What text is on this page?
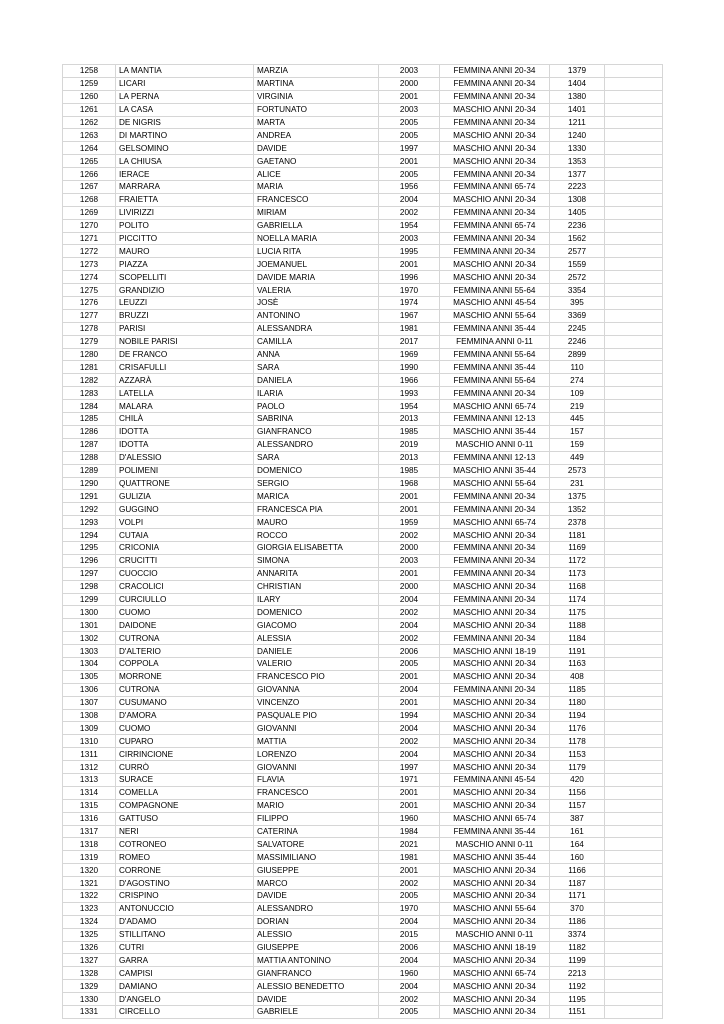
1258	LA MANTIA	MARZIA	2003	FEMMINA ANNI 20-34	1379	
1259	LICARI	MARTINA	2000	FEMMINA ANNI 20-34	1404	
1260	LA PERNA	VIRGINIA	2001	FEMMINA ANNI 20-34	1380	
1261	LA CASA	FORTUNATO	2003	MASCHIO ANNI 20-34	1401	
1262	DE NIGRIS	MARTA	2005	FEMMINA ANNI 20-34	1211	
1263	DI MARTINO	ANDREA	2005	MASCHIO ANNI 20-34	1240	
1264	GELSOMINO	DAVIDE	1997	MASCHIO ANNI 20-34	1330	
1265	LA CHIUSA	GAETANO	2001	MASCHIO ANNI 20-34	1353	
1266	IERACE	ALICE	2005	FEMMINA ANNI 20-34	1377	
1267	MARRARA	MARIA	1956	FEMMINA ANNI 65-74	2223	
1268	FRAIETTA	FRANCESCO	2004	MASCHIO ANNI 20-34	1308	
1269	LIVIRIZZI	MIRIAM	2002	FEMMINA ANNI 20-34	1405	
1270	POLITO	GABRIELLA	1954	FEMMINA ANNI 65-74	2236	
1271	PICCITTO	NOELLA MARIA	2003	FEMMINA ANNI 20-34	1562	
1272	MAURO	LUCIA RITA	1995	FEMMINA ANNI 20-34	2577	
1273	PIAZZA	JOEMANUEL	2001	MASCHIO ANNI 20-34	1559	
1274	SCOPELLITI	DAVIDE MARIA	1996	MASCHIO ANNI 20-34	2572	
1275	GRANDIZIO	VALERIA	1970	FEMMINA ANNI 55-64	3354	
1276	LEUZZI	JOSÈ	1974	MASCHIO ANNI 45-54	395	
1277	BRUZZI	ANTONINO	1967	MASCHIO ANNI 55-64	3369	
1278	PARISI	ALESSANDRA	1981	FEMMINA ANNI 35-44	2245	
1279	NOBILE PARISI	CAMILLA	2017	FEMMINA ANNI 0-11	2246	
1280	DE FRANCO	ANNA	1969	FEMMINA ANNI 55-64	2899	
1281	CRISAFULLI	SARA	1990	FEMMINA ANNI 35-44	110	
1282	AZZARÀ	DANIELA	1966	FEMMINA ANNI 55-64	274	
1283	LATELLA	ILARIA	1993	FEMMINA ANNI 20-34	109	
1284	MALARA	PAOLO	1954	MASCHIO ANNI 65-74	219	
1285	CHILÀ	SABRINA	2013	FEMMINA ANNI 12-13	445	
1286	IDOTTA	GIANFRANCO	1985	MASCHIO ANNI 35-44	157	
1287	IDOTTA	ALESSANDRO	2019	MASCHIO ANNI 0-11	159	
1288	D'ALESSIO	SARA	2013	FEMMINA ANNI 12-13	449	
1289	POLIMENI	DOMENICO	1985	MASCHIO ANNI 35-44	2573	
1290	QUATTRONE	SERGIO	1968	MASCHIO ANNI 55-64	231	
1291	GULIZIA	MARICA	2001	FEMMINA ANNI 20-34	1375	
1292	GUGGINO	FRANCESCA PIA	2001	FEMMINA ANNI 20-34	1352	
1293	VOLPI	MAURO	1959	MASCHIO ANNI 65-74	2378	
1294	CUTAIA	ROCCO	2002	MASCHIO ANNI 20-34	1181	
1295	CRICONIA	GIORGIA ELISABETTA	2000	FEMMINA ANNI 20-34	1169	
1296	CRUCITTI	SIMONA	2003	FEMMINA ANNI 20-34	1172	
1297	CUOCCIO	ANNARITA	2001	FEMMINA ANNI 20-34	1173	
1298	CRACOLICI	CHRISTIAN	2000	MASCHIO ANNI 20-34	1168	
1299	CURCIULLO	ILARY	2004	FEMMINA ANNI 20-34	1174	
1300	CUOMO	DOMENICO	2002	MASCHIO ANNI 20-34	1175	
1301	DAIDONE	GIACOMO	2004	MASCHIO ANNI 20-34	1188	
1302	CUTRONA	ALESSIA	2002	FEMMINA ANNI 20-34	1184	
1303	D'ALTERIO	DANIELE	2006	MASCHIO ANNI 18-19	1191	
1304	COPPOLA	VALERIO	2005	MASCHIO ANNI 20-34	1163	
1305	MORRONE	FRANCESCO PIO	2001	MASCHIO ANNI 20-34	408	
1306	CUTRONA	GIOVANNA	2004	FEMMINA ANNI 20-34	1185	
1307	CUSUMANO	VINCENZO	2001	MASCHIO ANNI 20-34	1180	
1308	D'AMORA	PASQUALE PIO	1994	MASCHIO ANNI 20-34	1194	
1309	CUOMO	GIOVANNI	2004	MASCHIO ANNI 20-34	1176	
1310	CUPARO	MATTIA	2002	MASCHIO ANNI 20-34	1178	
1311	CIRRINCIONE	LORENZO	2004	MASCHIO ANNI 20-34	1153	
1312	CURRÒ	GIOVANNI	1997	MASCHIO ANNI 20-34	1179	
1313	SURACE	FLAVIA	1971	FEMMINA ANNI 45-54	420	
1314	COMELLA	FRANCESCO	2001	MASCHIO ANNI 20-34	1156	
1315	COMPAGNONE	MARIO	2001	MASCHIO ANNI 20-34	1157	
1316	GATTUSO	FILIPPO	1960	MASCHIO ANNI 65-74	387	
1317	NERI	CATERINA	1984	FEMMINA ANNI 35-44	161	
1318	COTRONEO	SALVATORE	2021	MASCHIO ANNI 0-11	164	
1319	ROMEO	MASSIMILIANO	1981	MASCHIO ANNI 35-44	160	
1320	CORRONE	GIUSEPPE	2001	MASCHIO ANNI 20-34	1166	
1321	D'AGOSTINO	MARCO	2002	MASCHIO ANNI 20-34	1187	
1322	CRISPINO	DAVIDE	2005	MASCHIO ANNI 20-34	1171	
1323	ANTONUCCIO	ALESSANDRO	1970	MASCHIO ANNI 55-64	370	
1324	D'ADAMO	DORIAN	2004	MASCHIO ANNI 20-34	1186	
1325	STILLITANO	ALESSIO	2015	MASCHIO ANNI 0-11	3374	
1326	CUTRI	GIUSEPPE	2006	MASCHIO ANNI 18-19	1182	
1327	GARRA	MATTIA ANTONINO	2004	MASCHIO ANNI 20-34	1199	
1328	CAMPISI	GIANFRANCO	1960	MASCHIO ANNI 65-74	2213	
1329	DAMIANO	ALESSIO BENEDETTO	2004	MASCHIO ANNI 20-34	1192	
1330	D'ANGELO	DAVIDE	2002	MASCHIO ANNI 20-34	1195	
1331	CIRCELLO	GABRIELE	2005	MASCHIO ANNI 20-34	1151	
